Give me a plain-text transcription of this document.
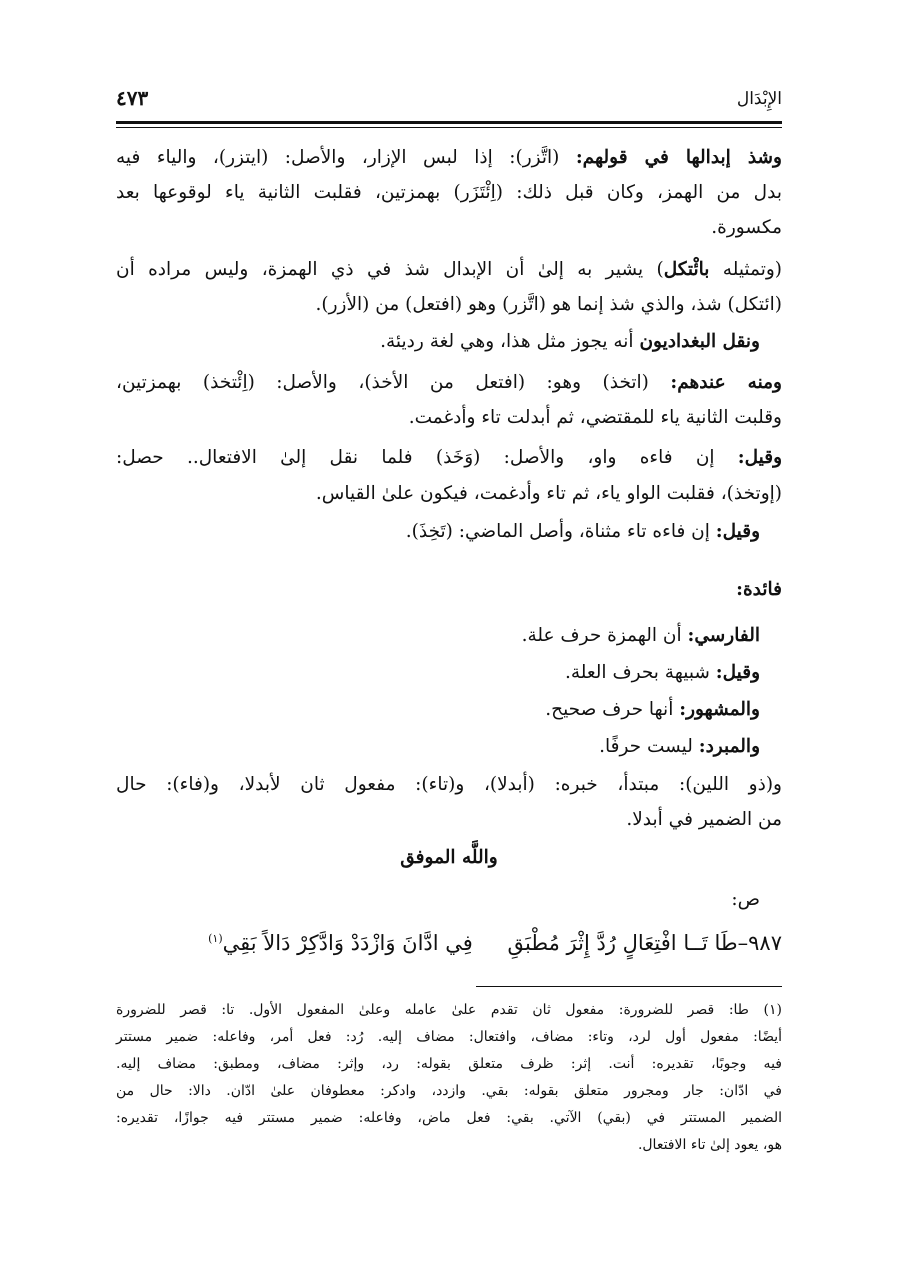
الإِبْدَال
٤٧٣
وشذ إبدالها في قولهم: (اتَّزر): إذا لبس الإزار، والأصل: (ايتزر)، والياء فيه
بدل من الهمز، وكان قبل ذلك: (اِئْتَزَر) بهمزتين، فقلبت الثانية ياء لوقوعها بعد
مكسورة.
(وتمثيله بائْتكل) يشير به إلىٰ أن الإبدال شذ في ذي الهمزة، وليس مراده أن
(ائتكل) شذ، والذي شذ إنما هو (اتَّزر) وهو (افتعل) من (الأزر).
ونقل البغداديون أنه يجوز مثل هذا، وهي لغة رديئة.
ومنه عندهم: (اتخذ) وهو: (افتعل من الأخذ)، والأصل: (اِئْتخذ) بهمزتين،
وقلبت الثانية ياء للمقتضي، ثم أبدلت تاء وأدغمت.
وقيل: إن فاءه واو، والأصل: (وَخَذ) فلما نقل إلىٰ الافتعال.. حصل:
(إوتخذ)، فقلبت الواو ياء، ثم تاء وأدغمت، فيكون علىٰ القياس.
وقيل: إن فاءه تاء مثناة، وأصل الماضي: (تَخِذَ).
فائدة:
الفارسي: أن الهمزة حرف علة.
وقيل: شبيهة بحرف العلة.
والمشهور: أنها حرف صحيح.
والمبرد: ليست حرفًا.
و(ذو اللين): مبتدأ، خبره: (أبدلا)، و(تاء): مفعول ثان لأبدلا، و(فاء): حال
من الضمير في أبدلا.
واللَّه الموفق
ص:
٩٨٧–طَا تَــا افْتِعَالٍ رُدَّ إِثْرَ مُطْبَقِ فِي ادَّانَ وَازْدَدْ وَادَّكِرْ دَالاً بَقِي$^{(١)}$
(١) طا: قصر للضرورة: مفعول ثان تقدم علىٰ عامله وعلىٰ المفعول الأول. تا: قصر للضرورة
أيضًا: مفعول أول لرد، وتاء: مضاف، وافتعال: مضاف إليه. رُد: فعل أمر، وفاعله: ضمير مستتر
فيه وجوبًا، تقديره: أنت. إثر: ظرف متعلق بقوله: رد، وإثر: مضاف، ومطبق: مضاف إليه.
في ادّان: جار ومجرور متعلق بقوله: بقي. وازدد، وادكر: معطوفان علىٰ ادّان. دالا: حال من
الضمير المستتر في (بقي) الآتي. بقي: فعل ماض، وفاعله: ضمير مستتر فيه جوازًا، تقديره:
هو، يعود إلىٰ تاء الافتعال.
